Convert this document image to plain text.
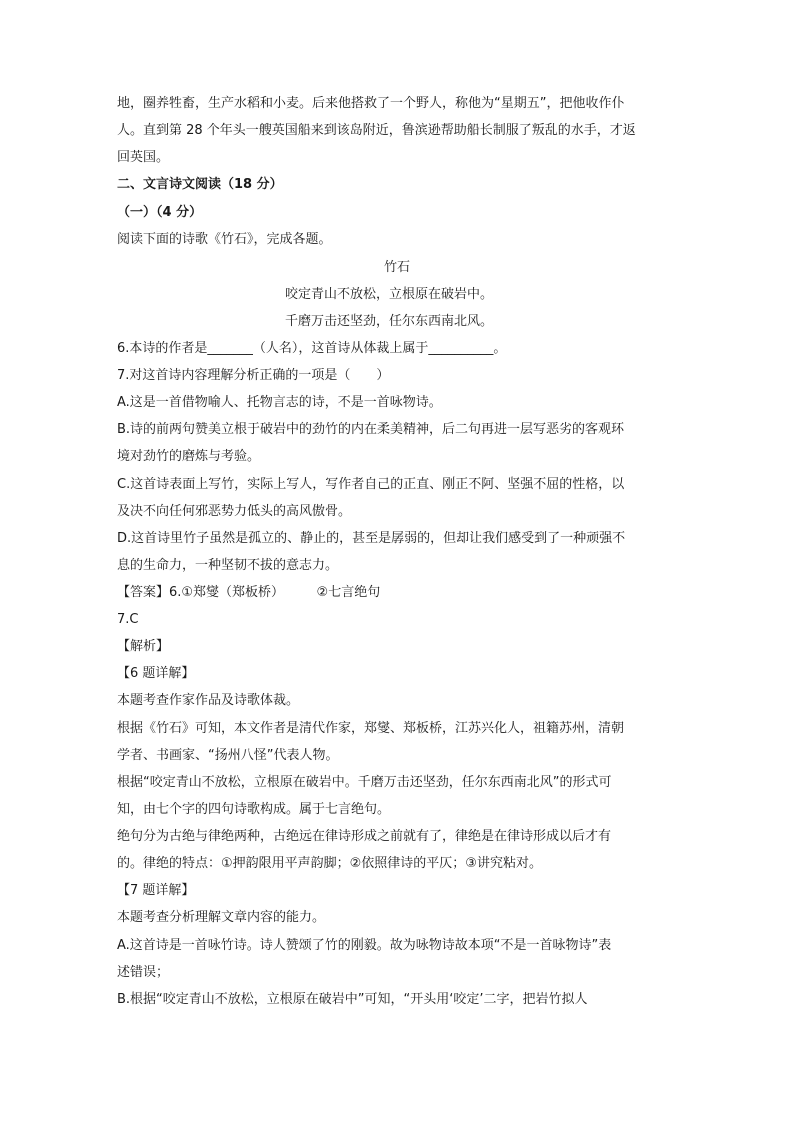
地，圈养牲畜，生产水稻和小麦。后来他搭救了一个野人，称他为“星期五”，把他收作仆
人。直到第 28 个年头一艘英国船来到该岛附近，鲁滨逊帮助船长制服了叛乱的水手，才返
回英国。
二、文言诗文阅读（18 分）
（一）（4 分）
阅读下面的诗歌《竹石》，完成各题。
竹石
咬定青山不放松，立根原在破岩中。
千磨万击还坚劲，任尔东西南北风。
6.本诗的作者是_______（人名），这首诗从体裁上属于__________。
7.对这首诗内容理解分析正确的一项是（　　）
A.这是一首借物喻人、托物言志的诗，不是一首咏物诗。
B.诗的前两句赞美立根于破岩中的劲竹的内在柔美精神，后二句再进一层写恶劣的客观环
境对劲竹的磨炼与考验。
C.这首诗表面上写竹，实际上写人，写作者自己的正直、刚正不阿、坚强不屈的性格，以
及决不向任何邪恶势力低头的高风傲骨。
D.这首诗里竹子虽然是孤立的、静止的，甚至是孱弱的，但却让我们感受到了一种顽强不
息的生命力，一种坚韧不拔的意志力。
【答案】6.①郑燮（郑板桥）　　　②七言绝句
7.C
【解析】
【6 题详解】
本题考查作家作品及诗歌体裁。
根据《竹石》可知，本文作者是清代作家，郑燮、郑板桥，江苏兴化人，祖籍苏州，清朝
学者、书画家、“扬州八怪”代表人物。
根据“咬定青山不放松，立根原在破岩中。千磨万击还坚劲，任尔东西南北风”的形式可
知，由七个字的四句诗歌构成。属于七言绝句。
绝句分为古绝与律绝两种，古绝远在律诗形成之前就有了，律绝是在律诗形成以后才有
的。律绝的特点：①押韵限用平声韵脚；②依照律诗的平仄；③讲究粘对。
【7 题详解】
本题考查分析理解文章内容的能力。
A.这首诗是一首咏竹诗。诗人赞颂了竹的刚毅。故为咏物诗故本项“不是一首咏物诗”表
述错误；
B.根据“咬定青山不放松，立根原在破岩中”可知，“开头用‘咬定’二字，把岩竹拟人
